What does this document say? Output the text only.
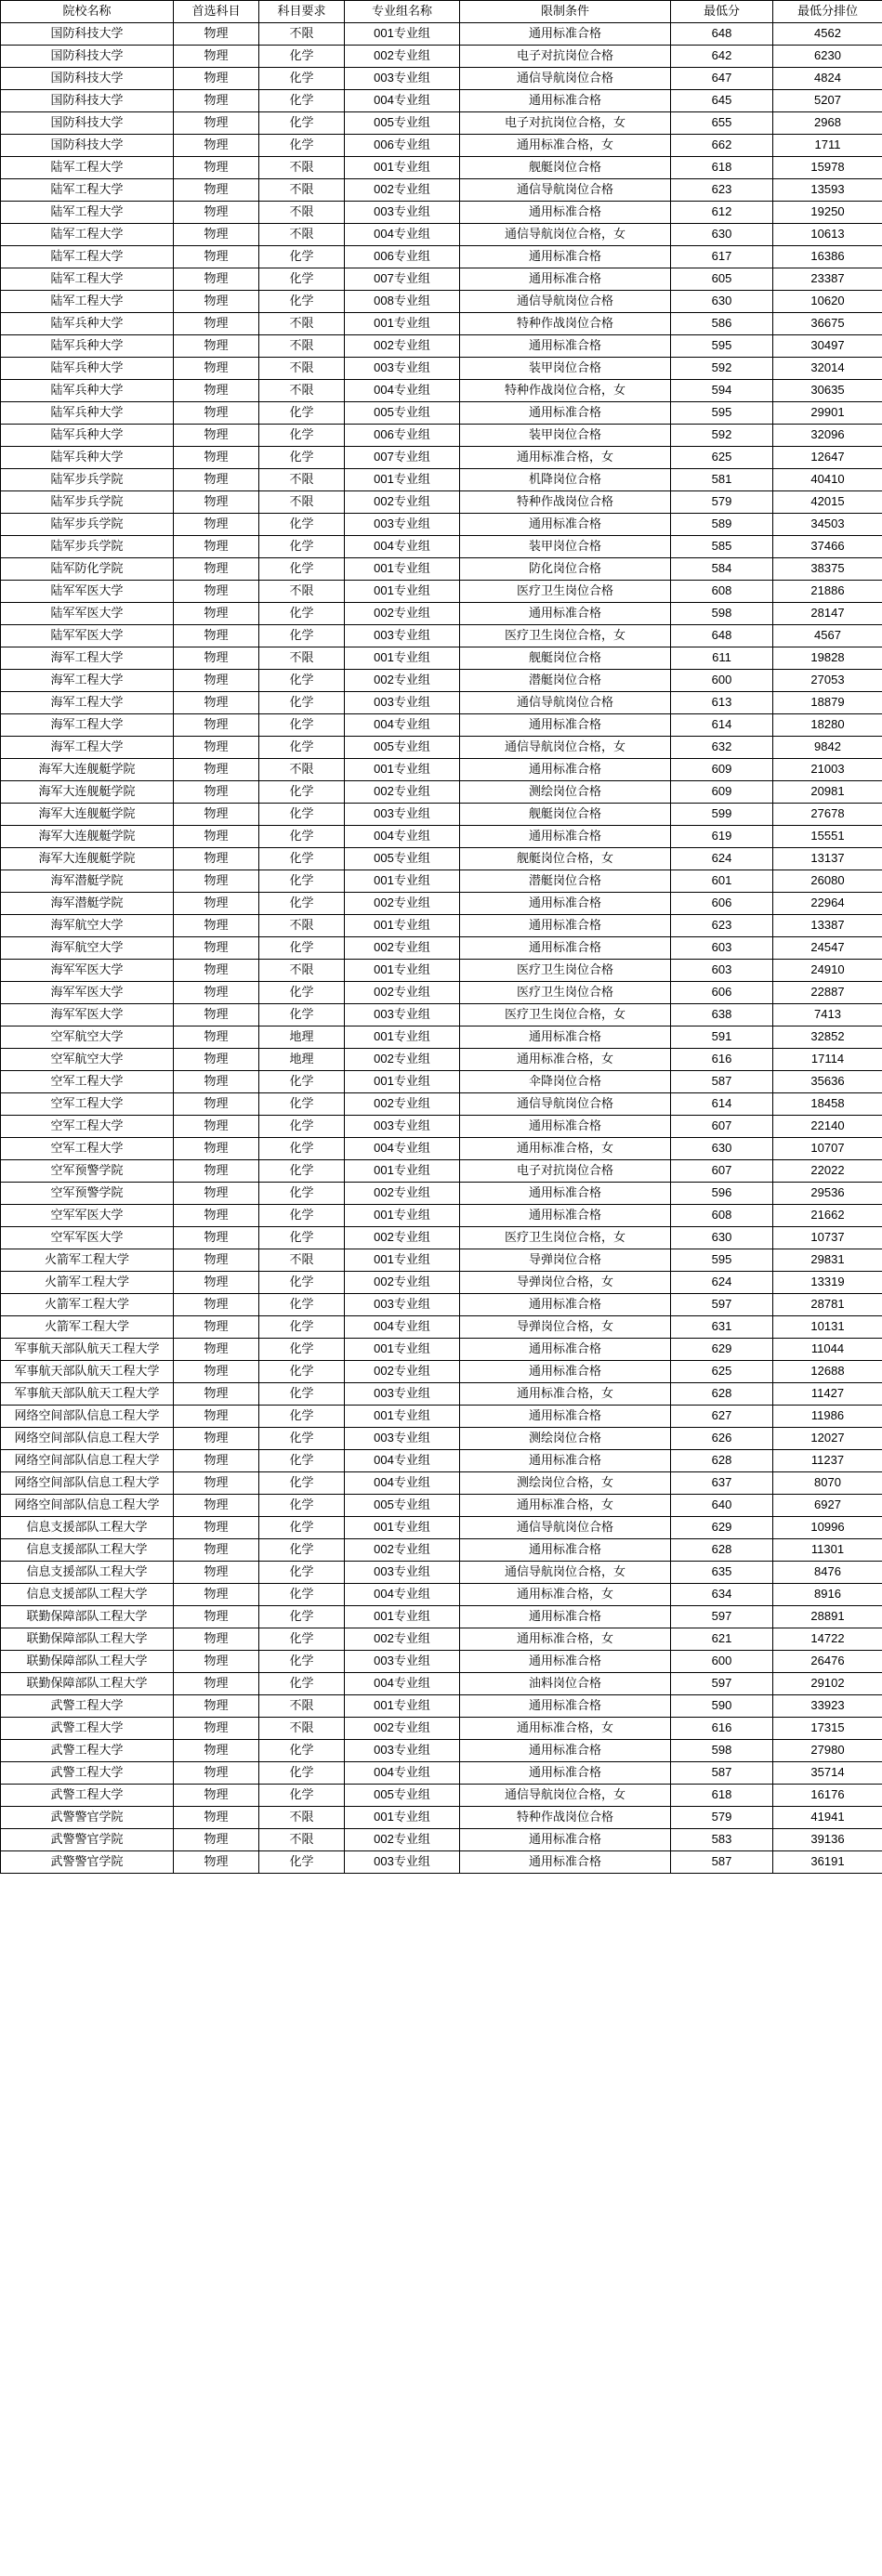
院校名称	首选科目	科目要求	专业组名称	限制条件	最低分	最低分排位
国防科技大学	物理	不限	001专业组	通用标准合格	648	4562
国防科技大学	物理	化学	002专业组	电子对抗岗位合格	642	6230
国防科技大学	物理	化学	003专业组	通信导航岗位合格	647	4824
国防科技大学	物理	化学	004专业组	通用标准合格	645	5207
国防科技大学	物理	化学	005专业组	电子对抗岗位合格，女	655	2968
国防科技大学	物理	化学	006专业组	通用标准合格，女	662	1711
陆军工程大学	物理	不限	001专业组	舰艇岗位合格	618	15978
陆军工程大学	物理	不限	002专业组	通信导航岗位合格	623	13593
陆军工程大学	物理	不限	003专业组	通用标准合格	612	19250
陆军工程大学	物理	不限	004专业组	通信导航岗位合格，女	630	10613
陆军工程大学	物理	化学	006专业组	通用标准合格	617	16386
陆军工程大学	物理	化学	007专业组	通用标准合格	605	23387
陆军工程大学	物理	化学	008专业组	通信导航岗位合格	630	10620
陆军兵种大学	物理	不限	001专业组	特种作战岗位合格	586	36675
陆军兵种大学	物理	不限	002专业组	通用标准合格	595	30497
陆军兵种大学	物理	不限	003专业组	装甲岗位合格	592	32014
陆军兵种大学	物理	不限	004专业组	特种作战岗位合格，女	594	30635
陆军兵种大学	物理	化学	005专业组	通用标准合格	595	29901
陆军兵种大学	物理	化学	006专业组	装甲岗位合格	592	32096
陆军兵种大学	物理	化学	007专业组	通用标准合格，女	625	12647
陆军步兵学院	物理	不限	001专业组	机降岗位合格	581	40410
陆军步兵学院	物理	不限	002专业组	特种作战岗位合格	579	42015
陆军步兵学院	物理	化学	003专业组	通用标准合格	589	34503
陆军步兵学院	物理	化学	004专业组	装甲岗位合格	585	37466
陆军防化学院	物理	化学	001专业组	防化岗位合格	584	38375
陆军军医大学	物理	不限	001专业组	医疗卫生岗位合格	608	21886
陆军军医大学	物理	化学	002专业组	通用标准合格	598	28147
陆军军医大学	物理	化学	003专业组	医疗卫生岗位合格，女	648	4567
海军工程大学	物理	不限	001专业组	舰艇岗位合格	611	19828
海军工程大学	物理	化学	002专业组	潜艇岗位合格	600	27053
海军工程大学	物理	化学	003专业组	通信导航岗位合格	613	18879
海军工程大学	物理	化学	004专业组	通用标准合格	614	18280
海军工程大学	物理	化学	005专业组	通信导航岗位合格，女	632	9842
海军大连舰艇学院	物理	不限	001专业组	通用标准合格	609	21003
海军大连舰艇学院	物理	化学	002专业组	测绘岗位合格	609	20981
海军大连舰艇学院	物理	化学	003专业组	舰艇岗位合格	599	27678
海军大连舰艇学院	物理	化学	004专业组	通用标准合格	619	15551
海军大连舰艇学院	物理	化学	005专业组	舰艇岗位合格，女	624	13137
海军潜艇学院	物理	化学	001专业组	潜艇岗位合格	601	26080
海军潜艇学院	物理	化学	002专业组	通用标准合格	606	22964
海军航空大学	物理	不限	001专业组	通用标准合格	623	13387
海军航空大学	物理	化学	002专业组	通用标准合格	603	24547
海军军医大学	物理	不限	001专业组	医疗卫生岗位合格	603	24910
海军军医大学	物理	化学	002专业组	医疗卫生岗位合格	606	22887
海军军医大学	物理	化学	003专业组	医疗卫生岗位合格，女	638	7413
空军航空大学	物理	地理	001专业组	通用标准合格	591	32852
空军航空大学	物理	地理	002专业组	通用标准合格，女	616	17114
空军工程大学	物理	化学	001专业组	伞降岗位合格	587	35636
空军工程大学	物理	化学	002专业组	通信导航岗位合格	614	18458
空军工程大学	物理	化学	003专业组	通用标准合格	607	22140
空军工程大学	物理	化学	004专业组	通用标准合格，女	630	10707
空军预警学院	物理	化学	001专业组	电子对抗岗位合格	607	22022
空军预警学院	物理	化学	002专业组	通用标准合格	596	29536
空军军医大学	物理	化学	001专业组	通用标准合格	608	21662
空军军医大学	物理	化学	002专业组	医疗卫生岗位合格，女	630	10737
火箭军工程大学	物理	不限	001专业组	导弹岗位合格	595	29831
火箭军工程大学	物理	化学	002专业组	导弹岗位合格，女	624	13319
火箭军工程大学	物理	化学	003专业组	通用标准合格	597	28781
火箭军工程大学	物理	化学	004专业组	导弹岗位合格，女	631	10131
军事航天部队航天工程大学	物理	化学	001专业组	通用标准合格	629	11044
军事航天部队航天工程大学	物理	化学	002专业组	通用标准合格	625	12688
军事航天部队航天工程大学	物理	化学	003专业组	通用标准合格，女	628	11427
网络空间部队信息工程大学	物理	化学	001专业组	通用标准合格	627	11986
网络空间部队信息工程大学	物理	化学	003专业组	测绘岗位合格	626	12027
网络空间部队信息工程大学	物理	化学	004专业组	通用标准合格	628	11237
网络空间部队信息工程大学	物理	化学	004专业组	测绘岗位合格，女	637	8070
网络空间部队信息工程大学	物理	化学	005专业组	通用标准合格，女	640	6927
信息支援部队工程大学	物理	化学	001专业组	通信导航岗位合格	629	10996
信息支援部队工程大学	物理	化学	002专业组	通用标准合格	628	11301
信息支援部队工程大学	物理	化学	003专业组	通信导航岗位合格，女	635	8476
信息支援部队工程大学	物理	化学	004专业组	通用标准合格，女	634	8916
联勤保障部队工程大学	物理	化学	001专业组	通用标准合格	597	28891
联勤保障部队工程大学	物理	化学	002专业组	通用标准合格，女	621	14722
联勤保障部队工程大学	物理	化学	003专业组	通用标准合格	600	26476
联勤保障部队工程大学	物理	化学	004专业组	油料岗位合格	597	29102
武警工程大学	物理	不限	001专业组	通用标准合格	590	33923
武警工程大学	物理	不限	002专业组	通用标准合格，女	616	17315
武警工程大学	物理	化学	003专业组	通用标准合格	598	27980
武警工程大学	物理	化学	004专业组	通用标准合格	587	35714
武警工程大学	物理	化学	005专业组	通信导航岗位合格，女	618	16176
武警警官学院	物理	不限	001专业组	特种作战岗位合格	579	41941
武警警官学院	物理	不限	002专业组	通用标准合格	583	39136
武警警官学院	物理	化学	003专业组	通用标准合格	587	36191
